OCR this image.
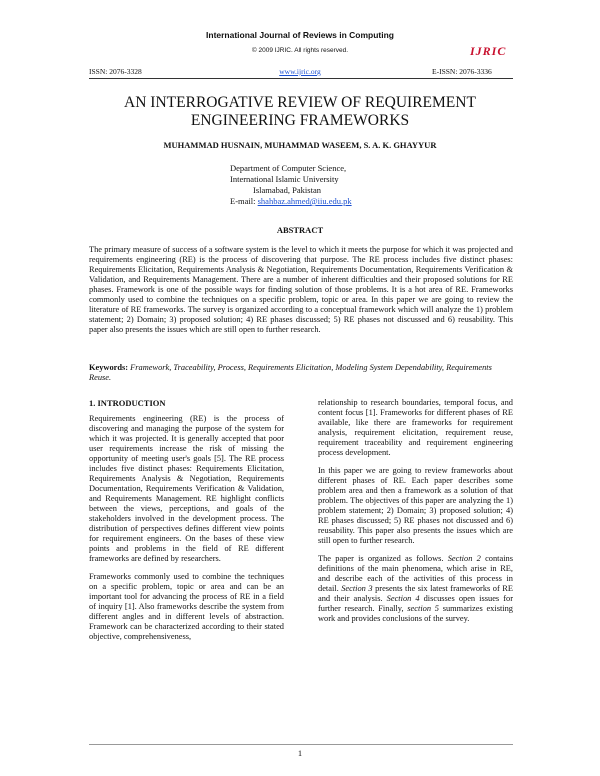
International Journal of Reviews in Computing
© 2009 IJRIC. All rights reserved.	IJRIC
ISSN: 2076-3328	www.ijric.org	E-ISSN: 2076-3336
AN INTERROGATIVE REVIEW OF REQUIREMENT
ENGINEERING FRAMEWORKS
MUHAMMAD HUSNAIN, MUHAMMAD WASEEM, S. A. K. GHAYYUR
Department of Computer Science,
International Islamic University
Islamabad, Pakistan
E-mail: shahbaz.ahmed@iiu.edu.pk
ABSTRACT
The primary measure of success of a software system is the level to which it meets the purpose for which it was projected and requirements engineering (RE) is the process of discovering that purpose. The RE process includes five distinct phases: Requirements Elicitation, Requirements Analysis & Negotiation, Requirements Documentation, Requirements Verification & Validation, and Requirements Management. There are a number of inherent difficulties and their proposed solutions for RE phases. Framework is one of the possible ways for finding solution of those problems. It is a hot area of RE. Frameworks commonly used to combine the techniques on a specific problem, topic or area. In this paper we are going to review the literature of RE frameworks. The survey is organized according to a conceptual framework which will analyze the 1) problem statement; 2) Domain; 3) proposed solution; 4) RE phases discussed; 5) RE phases not discussed and 6) reusability. This paper also presents the issues which are still open to further research.
Keywords: Framework, Traceability, Process, Requirements Elicitation, Modeling System Dependability, Requirements Reuse.
1. INTRODUCTION

Requirements engineering (RE) is the process of discovering and managing the purpose of the system for which it was projected. It is generally accepted that poor user requirements increase the risk of missing the opportunity of meeting user's goals [5]. The RE process includes five distinct phases: Requirements Elicitation, Requirements Analysis & Negotiation, Requirements Documentation, Requirements Verification & Validation, and Requirements Management. RE highlight conflicts between the views, perceptions, and goals of the stakeholders involved in the development process. The distribution of perspectives defines different view points for requirement engineers. On the bases of these view points and problems in the field of RE different frameworks are defined by researchers.

Frameworks commonly used to combine the techniques on a specific problem, topic or area and can be an important tool for advancing the process of RE in a field of inquiry [1]. Also frameworks describe the system from different angles and in different levels of abstraction. Framework can be characterized according to their stated objective, comprehensiveness,

relationship to research boundaries, temporal focus, and content focus [1]. Frameworks for different phases of RE available, like there are frameworks for requirement analysis, requirement elicitation, requirement reuse, requirement traceability and requirement engineering process development.

In this paper we are going to review frameworks about different phases of RE. Each paper describes some problem area and then a framework as a solution of that problem. The objectives of this paper are analyzing the 1) problem statement; 2) Domain; 3) proposed solution; 4) RE phases discussed; 5) RE phases not discussed and 6) reusability. This paper also presents the issues which are still open to further research.

The paper is organized as follows. Section 2 contains definitions of the main phenomena, which arise in RE, and describe each of the activities of this process in detail. Section 3 presents the six latest frameworks of RE and their analysis. Section 4 discusses open issues for further research. Finally, section 5 summarizes existing work and provides conclusions of the survey.

1
